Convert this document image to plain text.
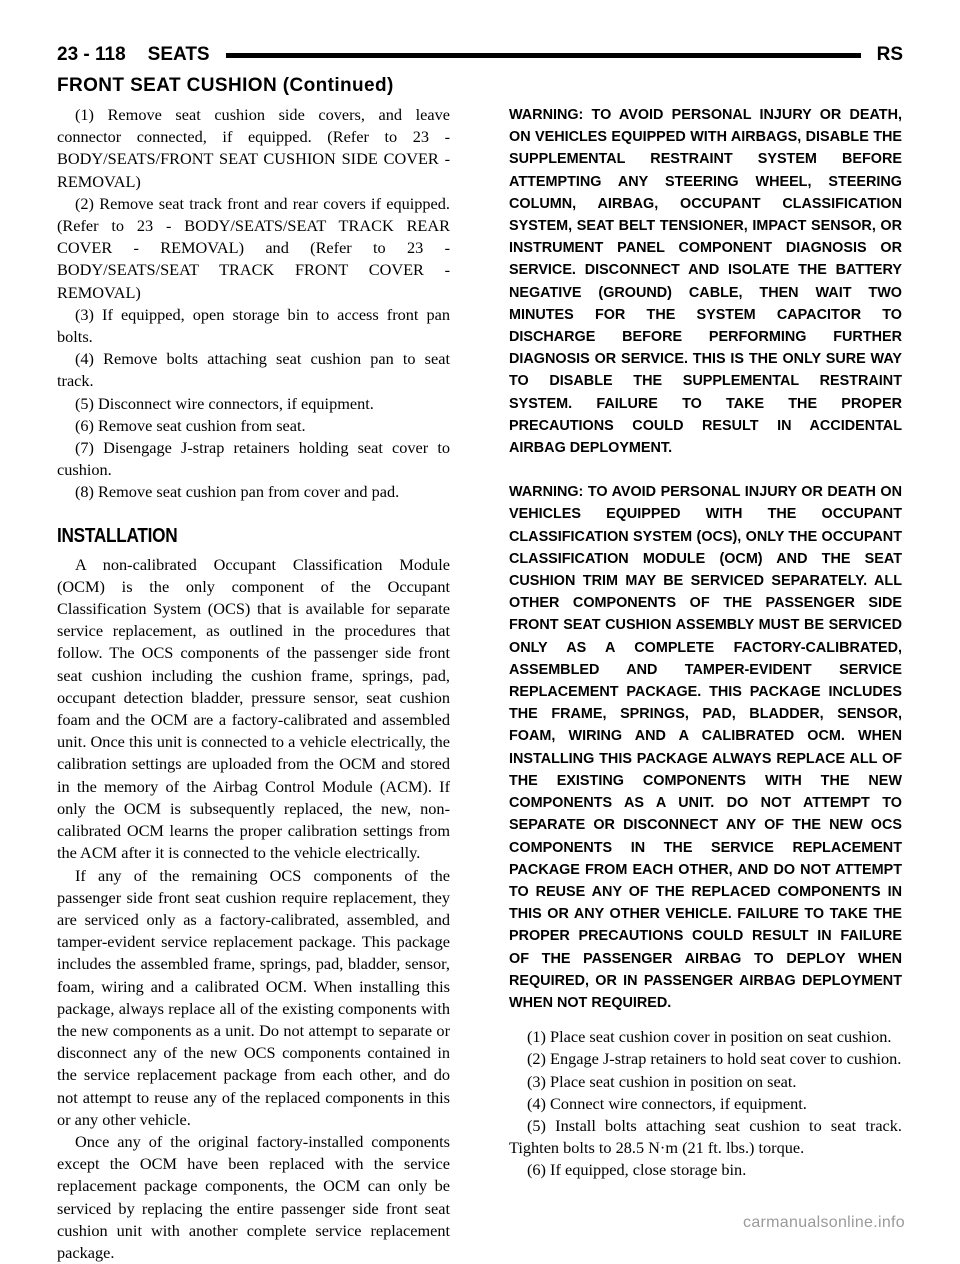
23 - 118 SEATS	RS
FRONT SEAT CUSHION (Continued)

(1) Remove seat cushion side covers, and leave connector connected, if equipped. (Refer to 23 - BODY/SEATS/FRONT SEAT CUSHION SIDE COVER - REMOVAL)

(2) Remove seat track front and rear covers if equipped. (Refer to 23 - BODY/SEATS/SEAT TRACK REAR COVER - REMOVAL) and (Refer to 23 - BODY/SEATS/SEAT TRACK FRONT COVER - REMOVAL)

(3) If equipped, open storage bin to access front pan bolts.

(4) Remove bolts attaching seat cushion pan to seat track.

(5) Disconnect wire connectors, if equipment.

(6) Remove seat cushion from seat.

(7) Disengage J-strap retainers holding seat cover to cushion.

(8) Remove seat cushion pan from cover and pad.

INSTALLATION

A non-calibrated Occupant Classification Module (OCM) is the only component of the Occupant Classification System (OCS) that is available for separate service replacement, as outlined in the procedures that follow. The OCS components of the passenger side front seat cushion including the cushion frame, springs, pad, occupant detection bladder, pressure sensor, seat cushion foam and the OCM are a factory-calibrated and assembled unit. Once this unit is connected to a vehicle electrically, the calibration settings are uploaded from the OCM and stored in the memory of the Airbag Control Module (ACM). If only the OCM is subsequently replaced, the new, non-calibrated OCM learns the proper calibration settings from the ACM after it is connected to the vehicle electrically.

If any of the remaining OCS components of the passenger side front seat cushion require replacement, they are serviced only as a factory-calibrated, assembled, and tamper-evident service replacement package. This package includes the assembled frame, springs, pad, bladder, sensor, foam, wiring and a calibrated OCM. When installing this package, always replace all of the existing components with the new components as a unit. Do not attempt to separate or disconnect any of the new OCS components contained in the service replacement package from each other, and do not attempt to reuse any of the replaced components in this or any other vehicle.

Once any of the original factory-installed components except the OCM have been replaced with the service replacement package components, the OCM can only be serviced by replacing the entire passenger side front seat cushion unit with another complete service replacement package.

WARNING: TO AVOID PERSONAL INJURY OR DEATH, ON VEHICLES EQUIPPED WITH AIRBAGS, DISABLE THE SUPPLEMENTAL RESTRAINT SYSTEM BEFORE ATTEMPTING ANY STEERING WHEEL, STEERING COLUMN, AIRBAG, OCCUPANT CLASSIFICATION SYSTEM, SEAT BELT TENSIONER, IMPACT SENSOR, OR INSTRUMENT PANEL COMPONENT DIAGNOSIS OR SERVICE. DISCONNECT AND ISOLATE THE BATTERY NEGATIVE (GROUND) CABLE, THEN WAIT TWO MINUTES FOR THE SYSTEM CAPACITOR TO DISCHARGE BEFORE PERFORMING FURTHER DIAGNOSIS OR SERVICE. THIS IS THE ONLY SURE WAY TO DISABLE THE SUPPLEMENTAL RESTRAINT SYSTEM. FAILURE TO TAKE THE PROPER PRECAUTIONS COULD RESULT IN ACCIDENTAL AIRBAG DEPLOYMENT.

WARNING: TO AVOID PERSONAL INJURY OR DEATH ON VEHICLES EQUIPPED WITH THE OCCUPANT CLASSIFICATION SYSTEM (OCS), ONLY THE OCCUPANT CLASSIFICATION MODULE (OCM) AND THE SEAT CUSHION TRIM MAY BE SERVICED SEPARATELY. ALL OTHER COMPONENTS OF THE PASSENGER SIDE FRONT SEAT CUSHION ASSEMBLY MUST BE SERVICED ONLY AS A COMPLETE FACTORY-CALIBRATED, ASSEMBLED AND TAMPER-EVIDENT SERVICE REPLACEMENT PACKAGE. THIS PACKAGE INCLUDES THE FRAME, SPRINGS, PAD, BLADDER, SENSOR, FOAM, WIRING AND A CALIBRATED OCM. WHEN INSTALLING THIS PACKAGE ALWAYS REPLACE ALL OF THE EXISTING COMPONENTS WITH THE NEW COMPONENTS AS A UNIT. DO NOT ATTEMPT TO SEPARATE OR DISCONNECT ANY OF THE NEW OCS COMPONENTS IN THE SERVICE REPLACEMENT PACKAGE FROM EACH OTHER, AND DO NOT ATTEMPT TO REUSE ANY OF THE REPLACED COMPONENTS IN THIS OR ANY OTHER VEHICLE. FAILURE TO TAKE THE PROPER PRECAUTIONS COULD RESULT IN FAILURE OF THE PASSENGER AIRBAG TO DEPLOY WHEN REQUIRED, OR IN PASSENGER AIRBAG DEPLOYMENT WHEN NOT REQUIRED.

(1) Place seat cushion cover in position on seat cushion.

(2) Engage J-strap retainers to hold seat cover to cushion.

(3) Place seat cushion in position on seat.

(4) Connect wire connectors, if equipment.

(5) Install bolts attaching seat cushion to seat track. Tighten bolts to 28.5 N·m (21 ft. lbs.) torque.

(6) If equipped, close storage bin.

carmanualsonline.info
